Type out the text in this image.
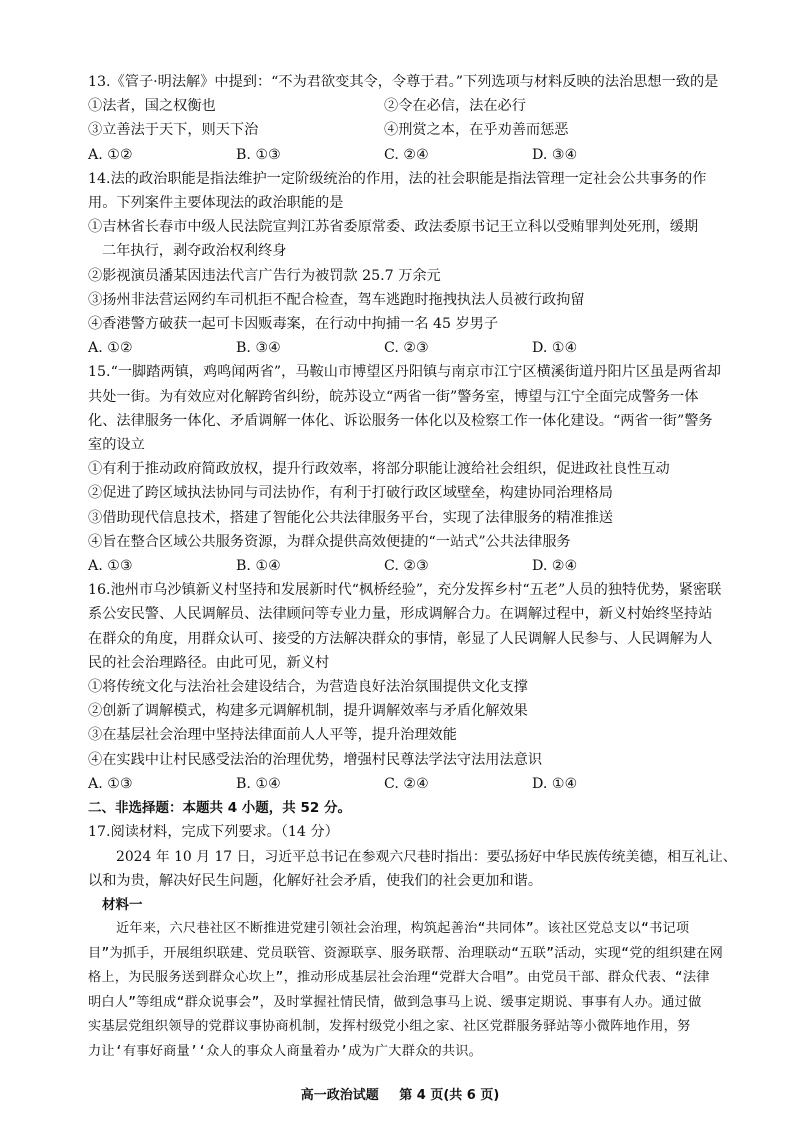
13.《管子·明法解》中提到：“不为君欲变其令，令尊于君。”下列选项与材料反映的法治思想一致的是
①法者，国之权衡也	②令在必信，法在必行
③立善法于天下，则天下治	④刑赏之本，在乎劝善而惩恶
A. ①②	B. ①③	C. ②④	D. ③④
14.法的政治职能是指法维护一定阶级统治的作用，法的社会职能是指法管理一定社会公共事务的作
用。下列案件主要体现法的政治职能的是
①吉林省长春市中级人民法院宣判江苏省委原常委、政法委原书记王立科以受贿罪判处死刑，缓期
二年执行，剥夺政治权利终身
②影视演员潘某因违法代言广告行为被罚款 25.7 万余元
③扬州非法营运网约车司机拒不配合检查，驾车逃跑时拖拽执法人员被行政拘留
④香港警方破获一起可卡因贩毒案，在行动中拘捕一名 45 岁男子
A. ①②	B. ③④	C. ②③	D. ①④
15.“一脚踏两镇，鸡鸣闻两省”，马鞍山市博望区丹阳镇与南京市江宁区横溪街道丹阳片区虽是两省却
共处一街。为有效应对化解跨省纠纷，皖苏设立“两省一街”警务室，博望与江宁全面完成警务一体
化、法律服务一体化、矛盾调解一体化、诉讼服务一体化以及检察工作一体化建设。“两省一街”警务
室的设立
①有利于推动政府简政放权，提升行政效率，将部分职能让渡给社会组织，促进政社良性互动
②促进了跨区域执法协同与司法协作，有利于打破行政区域壁垒，构建协同治理格局
③借助现代信息技术，搭建了智能化公共法律服务平台，实现了法律服务的精准推送
④旨在整合区域公共服务资源，为群众提供高效便捷的“一站式”公共法律服务
A. ①③	B. ①④	C. ②③	D. ②④
16.池州市乌沙镇新义村坚持和发展新时代“枫桥经验”，充分发挥乡村“五老”人员的独特优势，紧密联
系公安民警、人民调解员、法律顾问等专业力量，形成调解合力。在调解过程中，新义村始终坚持站
在群众的角度，用群众认可、接受的方法解决群众的事情，彰显了人民调解人民参与、人民调解为人
民的社会治理路径。由此可见，新义村
①将传统文化与法治社会建设结合，为营造良好法治氛围提供文化支撑
②创新了调解模式，构建多元调解机制，提升调解效率与矛盾化解效果
③在基层社会治理中坚持法律面前人人平等，提升治理效能
④在实践中让村民感受法治的治理优势，增强村民尊法学法守法用法意识
A. ①③	B. ①④	C. ②④	D. ①④
二、非选择题：本题共 4 小题，共 52 分。
17.阅读材料，完成下列要求。（14 分）
2024 年 10 月 17 日，习近平总书记在参观六尺巷时指出：要弘扬好中华民族传统美德，相互礼让、
以和为贵，解决好民生问题，化解好社会矛盾，使我们的社会更加和谐。
材料一
近年来，六尺巷社区不断推进党建引领社会治理，构筑起善治“共同体”。该社区党总支以“书记项
目”为抓手，开展组织联建、党员联管、资源联享、服务联帮、治理联动“五联”活动，实现“党的组织建在网
格上，为民服务送到群众心坎上”，推动形成基层社会治理“党群大合唱”。由党员干部、群众代表、“法律
明白人”等组成“群众说事会”，及时掌握社情民情，做到急事马上说、缓事定期说、事事有人办。通过做
实基层党组织领导的党群议事协商机制，发挥村级党小组之家、社区党群服务驿站等小微阵地作用，努
力让‘有事好商量’‘众人的事众人商量着办’成为广大群众的共识。
高一政治试题 第 4 页(共 6 页)
